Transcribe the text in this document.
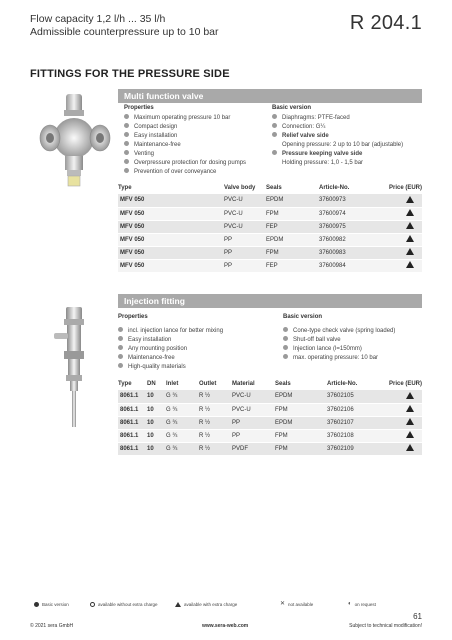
Flow capacity 1,2 l/h ... 35 l/h
Admissible counterpressure up to 10 bar	R 204.1
FITTINGS FOR THE PRESSURE SIDE
Multi function valve
Properties	Basic version
Maximum operating pressure 10 bar
Compact design
Easy installation
Maintenance-free
Venting
Overpressure protection for dosing pumps
Prevention of over conveyance
Diaphragms: PTFE-faced
Connection: G¼
Relief valve side
Opening pressure: 2 up to 10 bar (adjustable)
Pressure keeping valve side
Holding pressure: 1,0 - 1,5 bar
Type	Valve body	Seals	Article-No.	Price (EUR)
MFV 050	PVC-U	EPDM	37600973	
MFV 050	PVC-U	FPM	37600974	
MFV 050	PVC-U	FEP	37600975	
MFV 050	PP	EPDM	37600982	
MFV 050	PP	FPM	37600983	
MFV 050	PP	FEP	37600984	
Injection fitting
Properties	Basic version
incl. injection lance for better mixing
Easy installation
Any mounting position
Maintenance-free
High-quality materials
Cone-type check valve (spring loaded)
Shut-off ball valve
Injection lance (l=150mm)
max. operating pressure: 10 bar
Type	DN	Inlet	Outlet	Material	Seals	Article-No.	Price (EUR)
8061.1	10	G ¾	R ½	PVC-U	EPDM	37602105	
8061.1	10	G ¾	R ½	PVC-U	FPM	37602106	
8061.1	10	G ¾	R ½	PP	EPDM	37602107	
8061.1	10	G ¾	R ½	PP	FPM	37602108	
8061.1	10	G ¾	R ½	PVDF	FPM	37602109	
Basic version	available without extra charge	available with extra charge	✕ not available	◐ on request
61
© 2021 sera GmbH	www.sera-web.com	Subject to technical modification!
